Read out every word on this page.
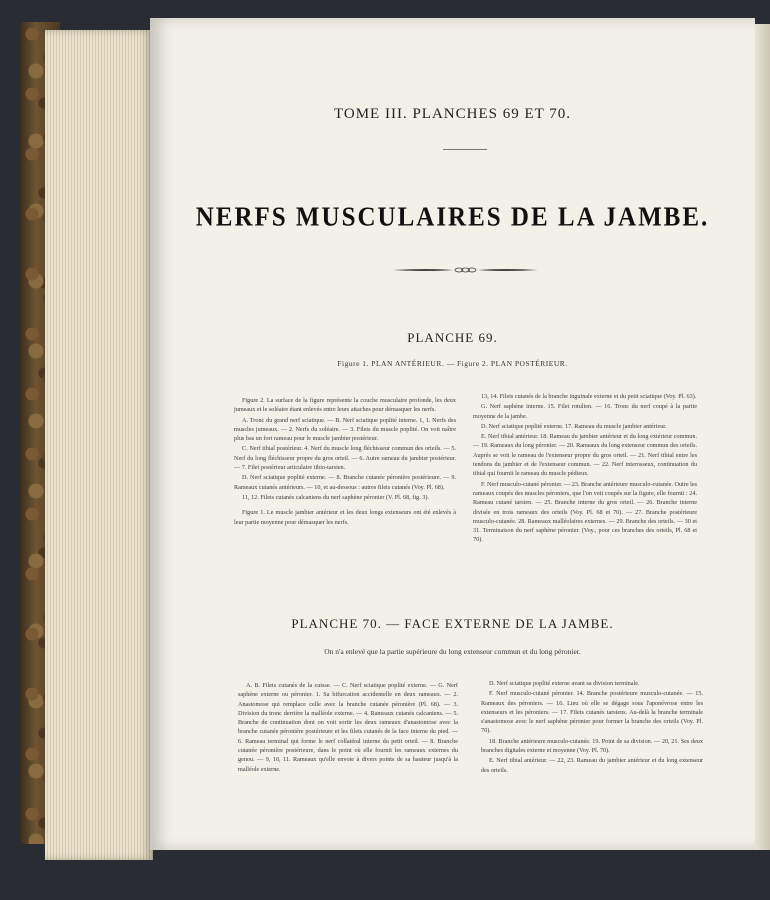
TOME III. PLANCHES 69 ET 70.
NERFS MUSCULAIRES DE LA JAMBE.
PLANCHE 69.
Figure 1. PLAN ANTÉRIEUR. — Figure 2. PLAN POSTÉRIEUR.

Figure 2. La surface de la figure représente la couche musculaire profonde, les deux jumeaux et le soléaire étant enlevés entre leurs attaches pour démasquer les nerfs.

A. Tronc du grand nerf sciatique. — B. Nerf sciatique poplité interne. 1, 1. Nerfs des muscles jumeaux. — 2. Nerfs du soléaire. — 3. Filets du muscle poplité. On voit naître plus bas un fort rameau pour le muscle jambier postérieur.

C. Nerf tibial postérieur. 4. Nerf du muscle long fléchisseur commun des orteils. — 5. Nerf du long fléchisseur propre du gros orteil. — 6. Autre rameau du jambier postérieur. — 7. Filet postérieur articulaire tibio-tarsien.

D. Nerf sciatique poplité externe. — 8. Branche cutanée péronière postérieure. — 9. Rameaux cutanés antérieurs. — 10, et au-dessous : autres filets cutanés (Voy. Pl. 68).

11, 12. Filets cutanés calcaniens du nerf saphène péronier (V. Pl. 68, fig. 3).

Figure 1. Le muscle jambier antérieur et les deux longs extenseurs ont été enlevés à leur partie moyenne pour démasquer les nerfs.

13, 14. Filets cutanés de la branche inguinale externe et du petit sciatique (Voy. Pl. 63).

G. Nerf saphène interne. 15. Filet rotulien. — 16. Tronc du nerf coupé à la partie moyenne de la jambe.

D. Nerf sciatique poplité externe. 17. Rameau du muscle jambier antérieur.

E. Nerf tibial antérieur. 18. Rameau du jambier antérieur et du long extérieur commun. — 19. Rameaux du long péronier. — 20. Rameaux du long extenseur commun des orteils. Auprès se voit le rameau de l'extenseur propre du gros orteil. — 21. Nerf tibial entre les tendons du jambier et de l'extenseur commun. — 22. Nerf interosseux, continuation du tibial qui fournit le rameau du muscle pédieux.

F. Nerf musculo-cutané péronier. — 23. Branche antérieure musculo-cutanée. Outre les rameaux coupés des muscles péroniers, que l'on voit coupés sur la figure, elle fournit : 24. Rameau cutané tarsien. — 25. Branche interne du gros orteil. — 26. Branche interne divisée en trois rameaux des orteils (Voy. Pl. 68 et 70). — 27. Branche postérieure musculo-cutanée. 28. Rameaux malléolaires externes. — 29. Branche des orteils. — 30 et 31. Terminaison du nerf saphène péronier. (Voy., pour ces branches des orteils, Pl. 68 et 70).

PLANCHE 70. — FACE EXTERNE DE LA JAMBE.
On n'a enlevé que la partie supérieure du long extenseur commun et du long péronier.

A. B. Filets cutanés de la cuisse. — C. Nerf sciatique poplité externe. — G. Nerf saphène externe ou péronier. 1. Sa bifurcation accidentelle en deux rameaux. — 2. Anastomose qui remplace celle avec la branche cutanée péronière (Pl. 68). — 3. Division du tronc derrière la malléole externe. — 4. Rameaux cutanés calcaniens. — 5. Branche de continuation dont on voit sortir les deux rameaux d'anastomose avec la branche cutanée péronière postérieure et les filets cutanés de la face interne du pied. — 6. Rameau terminal qui forme le nerf collatéral interne du petit orteil. — 8. Branche cutanée péronière postérieure, dans le point où elle fournit les rameaux externes du genou. — 9, 10, 11. Rameaux qu'elle envoie à divers points de sa hauteur jusqu'à la malléole externe.

D. Nerf sciatique poplité externe avant sa division terminale.

F. Nerf musculo-cutané péronier. 14. Branche postérieure musculo-cutanée. — 15. Rameaux des péroniers. — 16. Lieu où elle se dégage sous l'aponévrose entre les extenseurs et les péroniers. — 17. Filets cutanés tarsiens. Au-delà la branche terminale s'anastomose avec le nerf saphène péronier pour former la branche des orteils (Voy. Pl. 70).

18. Branche antérieure musculo-cutanée. 19. Point de sa division. — 20, 21. Ses deux branches digitales externe et moyenne (Voy. Pl. 70).

E. Nerf tibial antérieur. — 22, 23. Rameau du jambier antérieur et du long extenseur des orteils.
